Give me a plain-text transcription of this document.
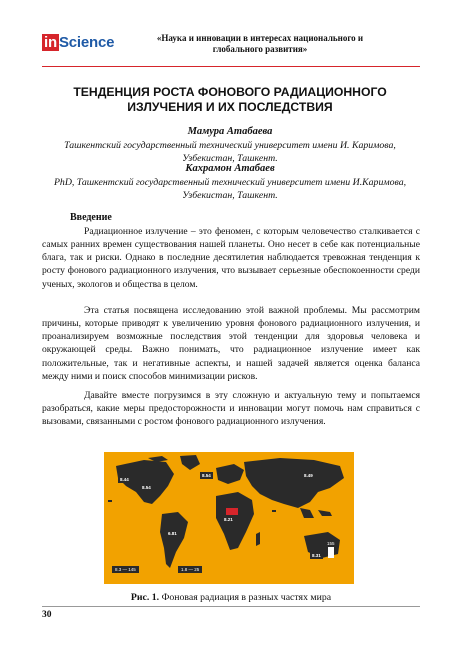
in Science	«Наука и инновации в интересах национального и глобального развития»
ТЕНДЕНЦИЯ РОСТА ФОНОВОГО РАДИАЦИОННОГО ИЗЛУЧЕНИЯ И ИХ ПОСЛЕДСТВИЯ
Мамура Атабаева
Ташкентский государственный технический университет имени И. Каримова, Узбекистан, Ташкент.
Кахрамон Атабаев
PhD, Ташкентский государственный технический университет имени И.Каримова, Узбекистан, Ташкент.
Введение

Радиационное излучение – это феномен, с которым человечество сталкивается с самых ранних времен существования нашей планеты. Оно несет в себе как потенциальные блага, так и риски. Однако в последние десятилетия наблюдается тревожная тенденция к росту фонового радиационного излучения, что вызывает серьезные обеспокоенности среди ученых, экологов и общества в целом.

Эта статья посвящена исследованию этой важной проблемы. Мы рассмотрим причины, которые приводят к увеличению уровня фонового радиационного излучения, и проанализируем возможные последствия этой тенденции для здоровья человека и окружающей среды. Важно понимать, что радиационное излучение имеет как положительные, так и негативные аспекты, и нашей задачей является оценка баланса между ними и поиск способов минимизации рисков.

Давайте вместе погрузимся в эту сложную и актуальную тему и попытаемся разобраться, какие меры предосторожности и инновации могут помочь нам справиться с вызовами, связанными с ростом фонового радиационного излучения.

8.44
8.54
8.54	8.49
8.21
6.81
8.31
8.3 — 145	1.8 — 25
155
Рис. 1. Фоновая радиация в разных частях мира
30
